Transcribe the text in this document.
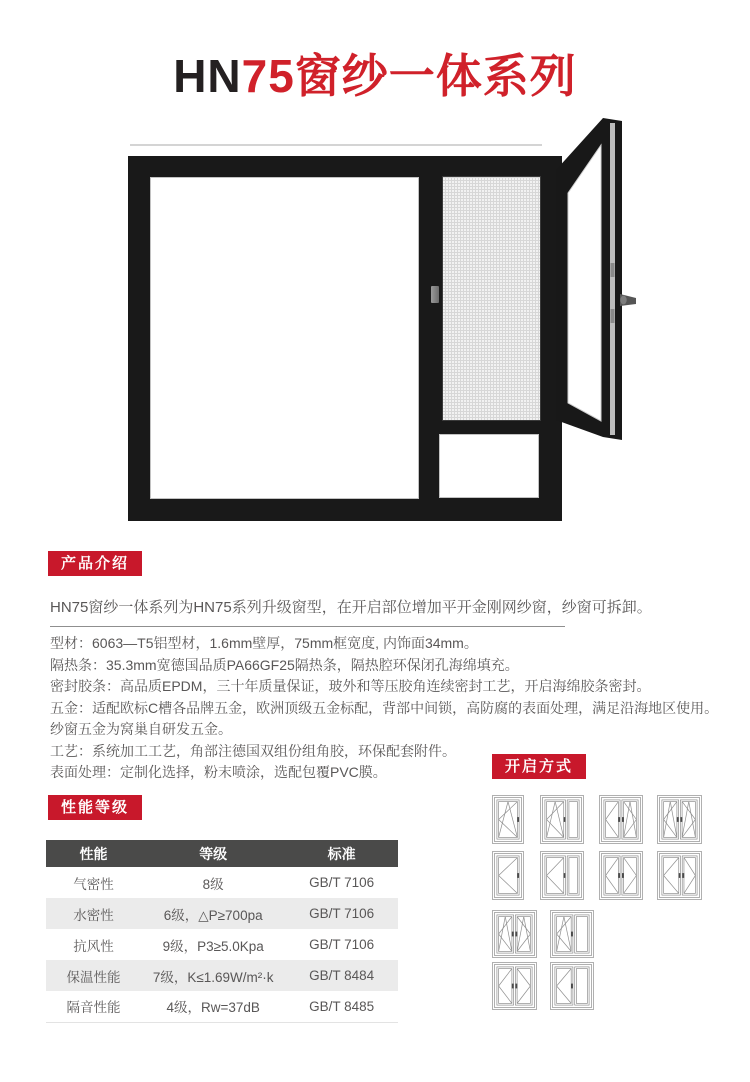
HN75窗纱一体系列
产品介绍

HN75窗纱一体系列为HN75系列升级窗型，在开启部位增加平开金刚网纱窗，纱窗可拆卸。

型材：6063—T5铝型材，1.6mm壁厚，75mm框宽度, 内饰面34mm。
隔热条：35.3mm宽德国品质PA66GF25隔热条，隔热腔环保闭孔海绵填充。
密封胶条：高品质EPDM，三十年质量保证，玻外和等压胶角连续密封工艺，开启海绵胶条密封。
五金：适配欧标C槽各品牌五金，欧洲顶级五金标配，背部中间锁，高防腐的表面处理，满足沿海地区使用。
纱窗五金为窝巢自研发五金。
工艺：系统加工工艺，角部注德国双组份组角胶，环保配套附件。
表面处理：定制化选择，粉末喷涂，选配包覆PVC膜。	开启方式
性能等级
性能	等级	标准
气密性	8级	GB/T 7106
水密性	6级，△P≥700pa	GB/T 7106
抗风性	9级，P3≥5.0Kpa	GB/T 7106
保温性能	7级，K≤1.69W/m²·k	GB/T 8484
隔音性能	4级，Rw=37dB	GB/T 8485
